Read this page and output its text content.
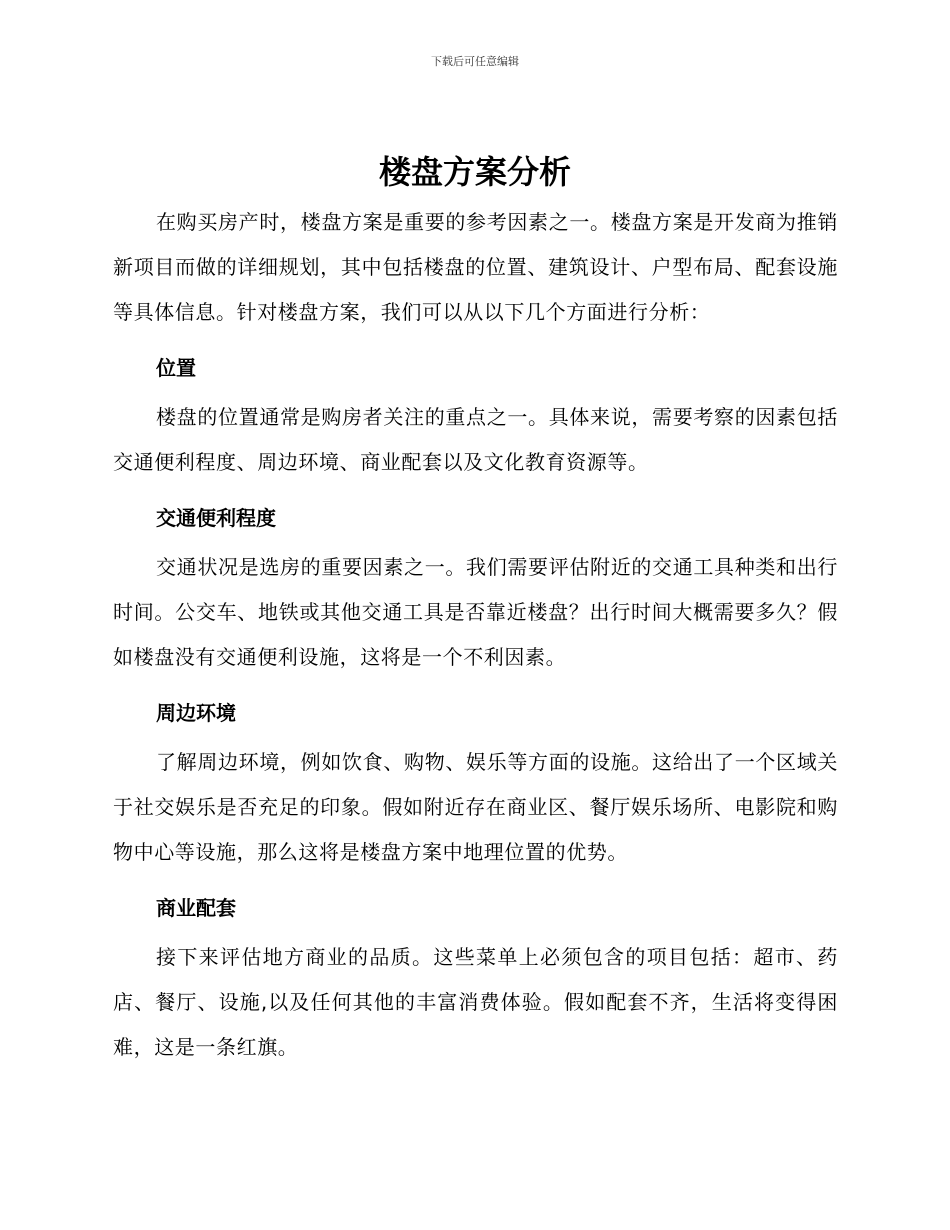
下载后可任意编辑
楼盘方案分析

在购买房产时，楼盘方案是重要的参考因素之一。楼盘方案是开发商为推销新项目而做的详细规划，其中包括楼盘的位置、建筑设计、户型布局、配套设施等具体信息。针对楼盘方案，我们可以从以下几个方面进行分析：

位置

楼盘的位置通常是购房者关注的重点之一。具体来说，需要考察的因素包括交通便利程度、周边环境、商业配套以及文化教育资源等。

交通便利程度

交通状况是选房的重要因素之一。我们需要评估附近的交通工具种类和出行时间。公交车、地铁或其他交通工具是否靠近楼盘？出行时间大概需要多久？假如楼盘没有交通便利设施，这将是一个不利因素。

周边环境

了解周边环境，例如饮食、购物、娱乐等方面的设施。这给出了一个区域关于社交娱乐是否充足的印象。假如附近存在商业区、餐厅娱乐场所、电影院和购物中心等设施，那么这将是楼盘方案中地理位置的优势。

商业配套

接下来评估地方商业的品质。这些菜单上必须包含的项目包括：超市、药店、餐厅、设施,以及任何其他的丰富消费体验。假如配套不齐，生活将变得困难，这是一条红旗。
